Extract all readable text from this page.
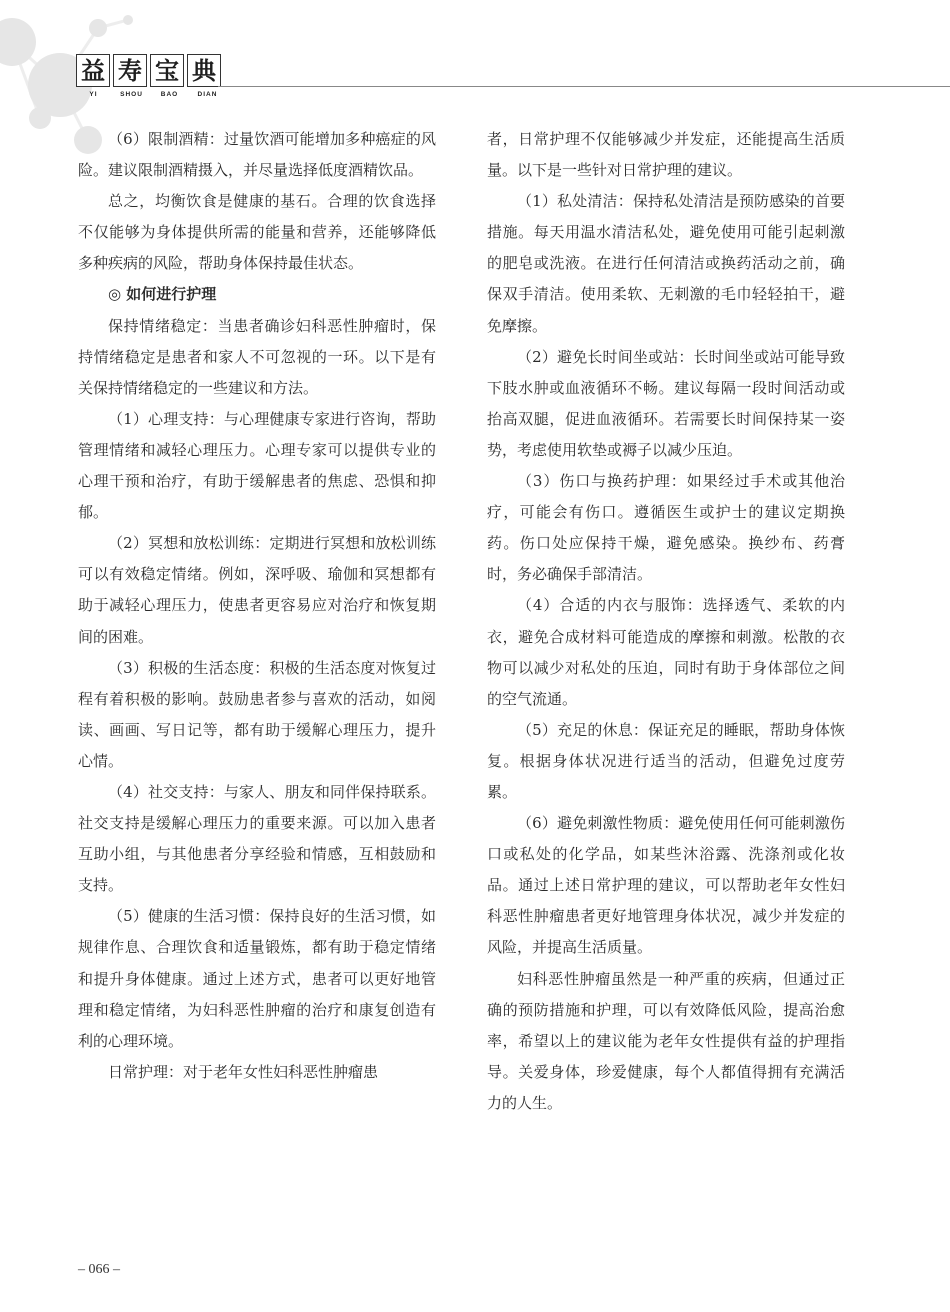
益 寿 宝 典
YI	SHOU	BAO	DIAN

（6）限制酒精：过量饮酒可能增加多种癌症的风险。建议限制酒精摄入，并尽量选择低度酒精饮品。

总之，均衡饮食是健康的基石。合理的饮食选择不仅能够为身体提供所需的能量和营养，还能够降低多种疾病的风险，帮助身体保持最佳状态。

◎ 如何进行护理

保持情绪稳定：当患者确诊妇科恶性肿瘤时，保持情绪稳定是患者和家人不可忽视的一环。以下是有关保持情绪稳定的一些建议和方法。

（1）心理支持：与心理健康专家进行咨询，帮助管理情绪和减轻心理压力。心理专家可以提供专业的心理干预和治疗，有助于缓解患者的焦虑、恐惧和抑郁。

（2）冥想和放松训练：定期进行冥想和放松训练可以有效稳定情绪。例如，深呼吸、瑜伽和冥想都有助于减轻心理压力，使患者更容易应对治疗和恢复期间的困难。

（3）积极的生活态度：积极的生活态度对恢复过程有着积极的影响。鼓励患者参与喜欢的活动，如阅读、画画、写日记等，都有助于缓解心理压力，提升心情。

（4）社交支持：与家人、朋友和同伴保持联系。社交支持是缓解心理压力的重要来源。可以加入患者互助小组，与其他患者分享经验和情感，互相鼓励和支持。

（5）健康的生活习惯：保持良好的生活习惯，如规律作息、合理饮食和适量锻炼，都有助于稳定情绪和提升身体健康。通过上述方式，患者可以更好地管理和稳定情绪，为妇科恶性肿瘤的治疗和康复创造有利的心理环境。

日常护理：对于老年女性妇科恶性肿瘤患

者，日常护理不仅能够减少并发症，还能提高生活质量。以下是一些针对日常护理的建议。

（1）私处清洁：保持私处清洁是预防感染的首要措施。每天用温水清洁私处，避免使用可能引起刺激的肥皂或洗液。在进行任何清洁或换药活动之前，确保双手清洁。使用柔软、无刺激的毛巾轻轻拍干，避免摩擦。

（2）避免长时间坐或站：长时间坐或站可能导致下肢水肿或血液循环不畅。建议每隔一段时间活动或抬高双腿，促进血液循环。若需要长时间保持某一姿势，考虑使用软垫或褥子以减少压迫。

（3）伤口与换药护理：如果经过手术或其他治疗，可能会有伤口。遵循医生或护士的建议定期换药。伤口处应保持干燥，避免感染。换纱布、药膏时，务必确保手部清洁。

（4）合适的内衣与服饰：选择透气、柔软的内衣，避免合成材料可能造成的摩擦和刺激。松散的衣物可以减少对私处的压迫，同时有助于身体部位之间的空气流通。

（5）充足的休息：保证充足的睡眠，帮助身体恢复。根据身体状况进行适当的活动，但避免过度劳累。

（6）避免刺激性物质：避免使用任何可能刺激伤口或私处的化学品，如某些沐浴露、洗涤剂或化妆品。通过上述日常护理的建议，可以帮助老年女性妇科恶性肿瘤患者更好地管理身体状况，减少并发症的风险，并提高生活质量。

妇科恶性肿瘤虽然是一种严重的疾病，但通过正确的预防措施和护理，可以有效降低风险，提高治愈率，希望以上的建议能为老年女性提供有益的护理指导。关爱身体，珍爱健康，每个人都值得拥有充满活力的人生。

– 066 –
